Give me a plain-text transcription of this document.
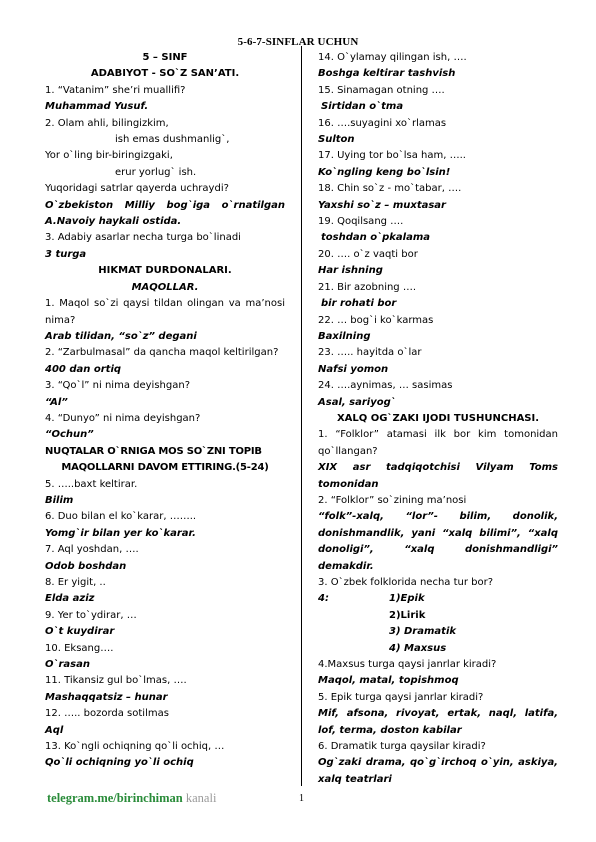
5-6-7-SINFLAR UCHUN
5 – SINF
ADABIYOT - SO`Z SAN’ATI.
1. “Vatanim” she’ri muallifi?
Muhammad Yusuf.
2. Olam ahli, bilingizkim,
ish emas dushmanlig`,
Yor o`ling bir-biringizgaki,
erur yorlug` ish.
Yuqoridagi satrlar qayerda uchraydi?
O`zbekiston Milliy bog`iga o`rnatilgan
A.Navoiy haykali ostida.
3. Adabiy asarlar necha turga bo`linadi
3 turga
HIKMAT DURDONALARI.
MAQOLLAR.
1. Maqol so`zi qaysi tildan olingan va ma’nosi nima?
Arab tilidan, “so`z” degani
2. “Zarbulmasal” da qancha maqol keltirilgan?
400 dan ortiq
3. “Qo`l” ni nima deyishgan?
“Al”
4. “Dunyo” ni nima deyishgan?
“Ochun”
NUQTALAR O`RNIGA MOS SO`ZNI TOPIB
MAQOLLARNI DAVOM ETTIRING.(5-24)
5. …..baxt keltirar.
Bilim
6. Duo bilan el ko`karar, ……..
Yomg`ir bilan yer ko`karar.
7. Aql yoshdan, ….
Odob boshdan
8. Er yigit, ..
Elda aziz
9. Yer to`ydirar, …
O`t kuydirar
10. Eksang….
O`rasan
11. Tikansiz gul bo`lmas, ….
Mashaqqatsiz – hunar
12. ….. bozorda sotilmas
Aql
13. Ko`ngli ochiqning qo`li ochiq, …
Qo`li ochiqning yo`li ochiq
14. O`ylamay qilingan ish, ….
Boshga keltirar tashvish
15. Sinamagan otning ….
Sirtidan o`tma
16. ….suyagini xo`rlamas
Sulton
17. Uying tor bo`lsa ham, …..
Ko`ngling keng bo`lsin!
18. Chin so`z - mo`tabar, ….
Yaxshi so`z – muxtasar
19. Qoqilsang ….
toshdan o`pkalama
20. …. o`z vaqti bor
Har ishning
21. Bir azobning ….
bir rohati bor
22. … bog`i ko`karmas
Baxilning
23. ….. hayitda o`lar
Nafsi yomon
24. ….aynimas, … sasimas
Asal, sariyog`
XALQ OG`ZAKI IJODI TUSHUNCHASI.
1. “Folklor” atamasi ilk bor kim tomonidan qo`llangan?
XIX asr tadqiqotchisi Vilyam Toms tomonidan
2. “Folklor” so`zining ma’nosi
“folk”-xalq, “lor”- bilim, donolik, donishmandlik, yani “xalq bilimi”, “xalq donoligi”, “xalq donishmandligi” demakdir.
3. O`zbek folklorida necha tur bor?
4:	1)Epik
2)Lirik
3) Dramatik
4) Maxsus
4.Maxsus turga qaysi janrlar kiradi?
Maqol, matal, topishmoq
5. Epik turga qaysi janrlar kiradi?
Mif, afsona, rivoyat, ertak, naql, latifa, lof, terma, doston kabilar
6. Dramatik turga qaysilar kiradi?
Og`zaki drama, qo`g`irchoq o`yin, askiya, xalq teatrlari
telegram.me/birinchiman kanali	1
